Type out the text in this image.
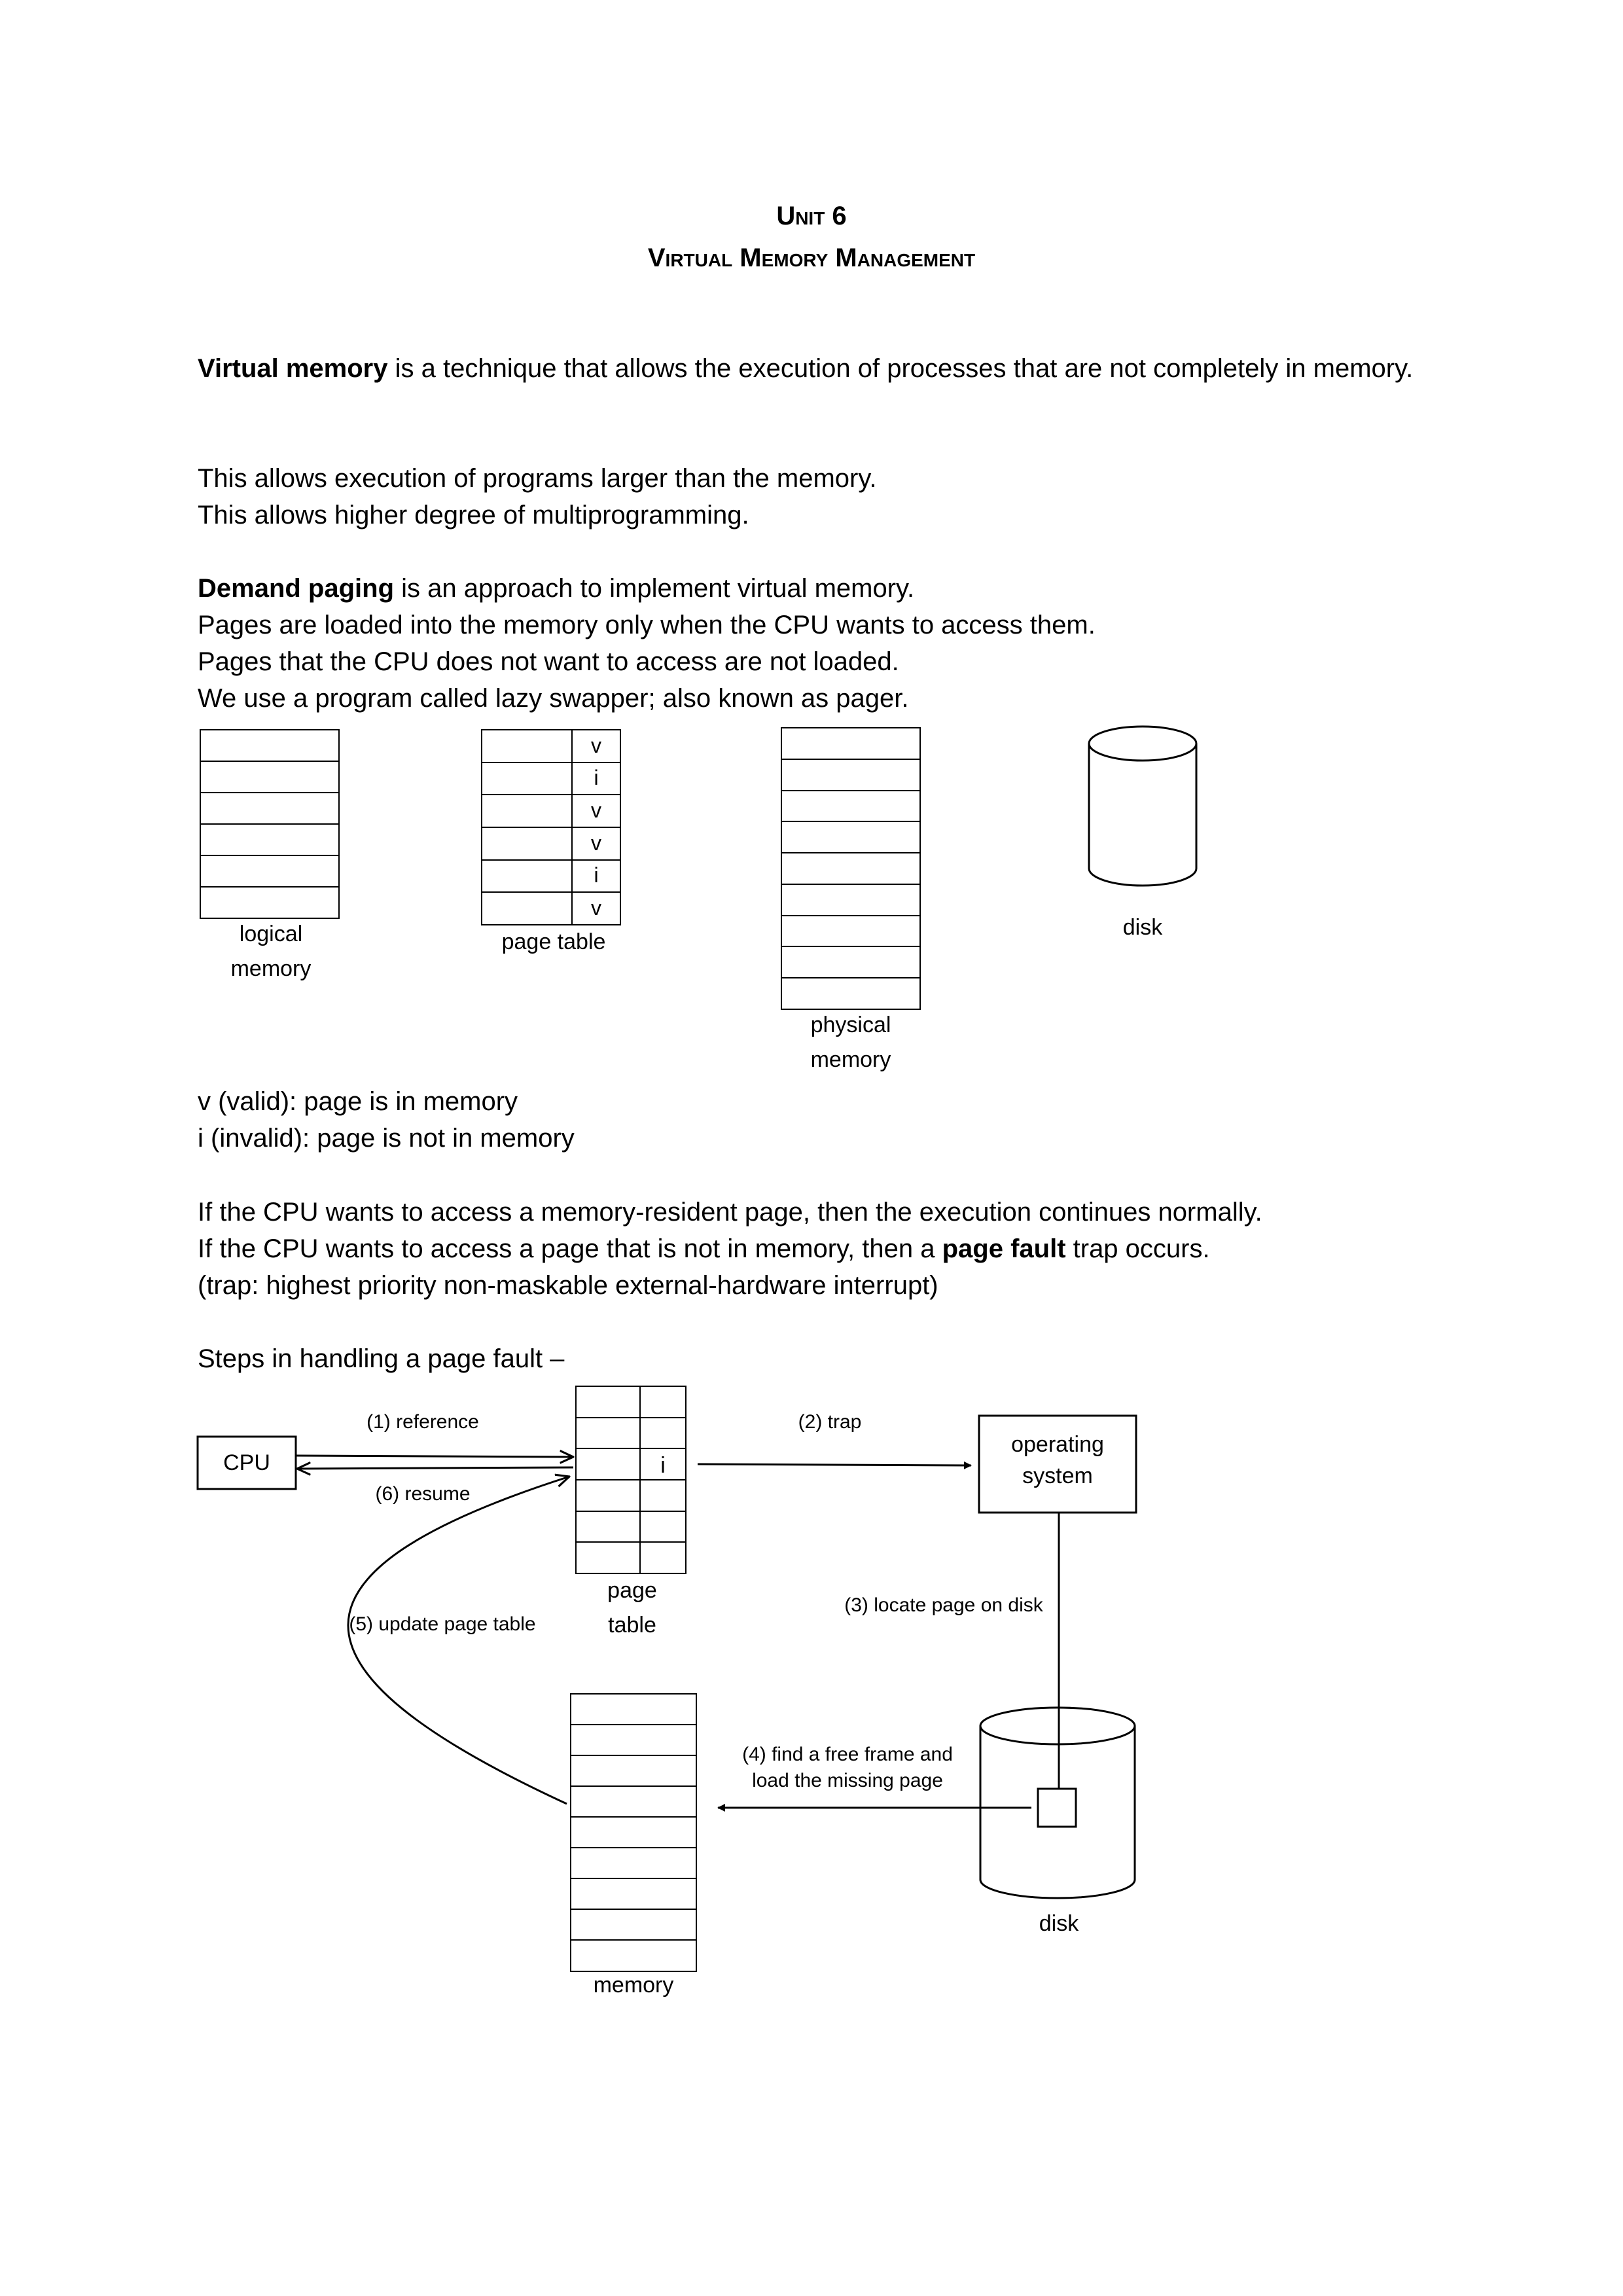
Unit 6
Virtual Memory Management

Virtual memory is a technique that allows the execution of processes that are not completely in memory.

This allows execution of programs larger than the memory.

This allows higher degree of multiprogramming.

Demand paging is an approach to implement virtual memory.

Pages are loaded into the memory only when the CPU wants to access them.

Pages that the CPU does not want to access are not loaded.

We use a program called lazy swapper; also known as pager.

v (valid): page is in memory

i (invalid): page is not in memory

If the CPU wants to access a memory-resident page, then the execution continues normally.

If the CPU wants to access a page that is not in memory, then a page fault trap occurs.

(trap: highest priority non-maskable external-hardware interrupt)

Steps in handling a page fault –

logical
memory
v
i
v
v
i
v
page table
physical
memory
disk
CPU
(1) reference
(6) resume
i
page
table
(2) trap
operating
system
(3) locate page on disk
disk
(4) find a free frame and
load the missing page
memory
(5) update page table
